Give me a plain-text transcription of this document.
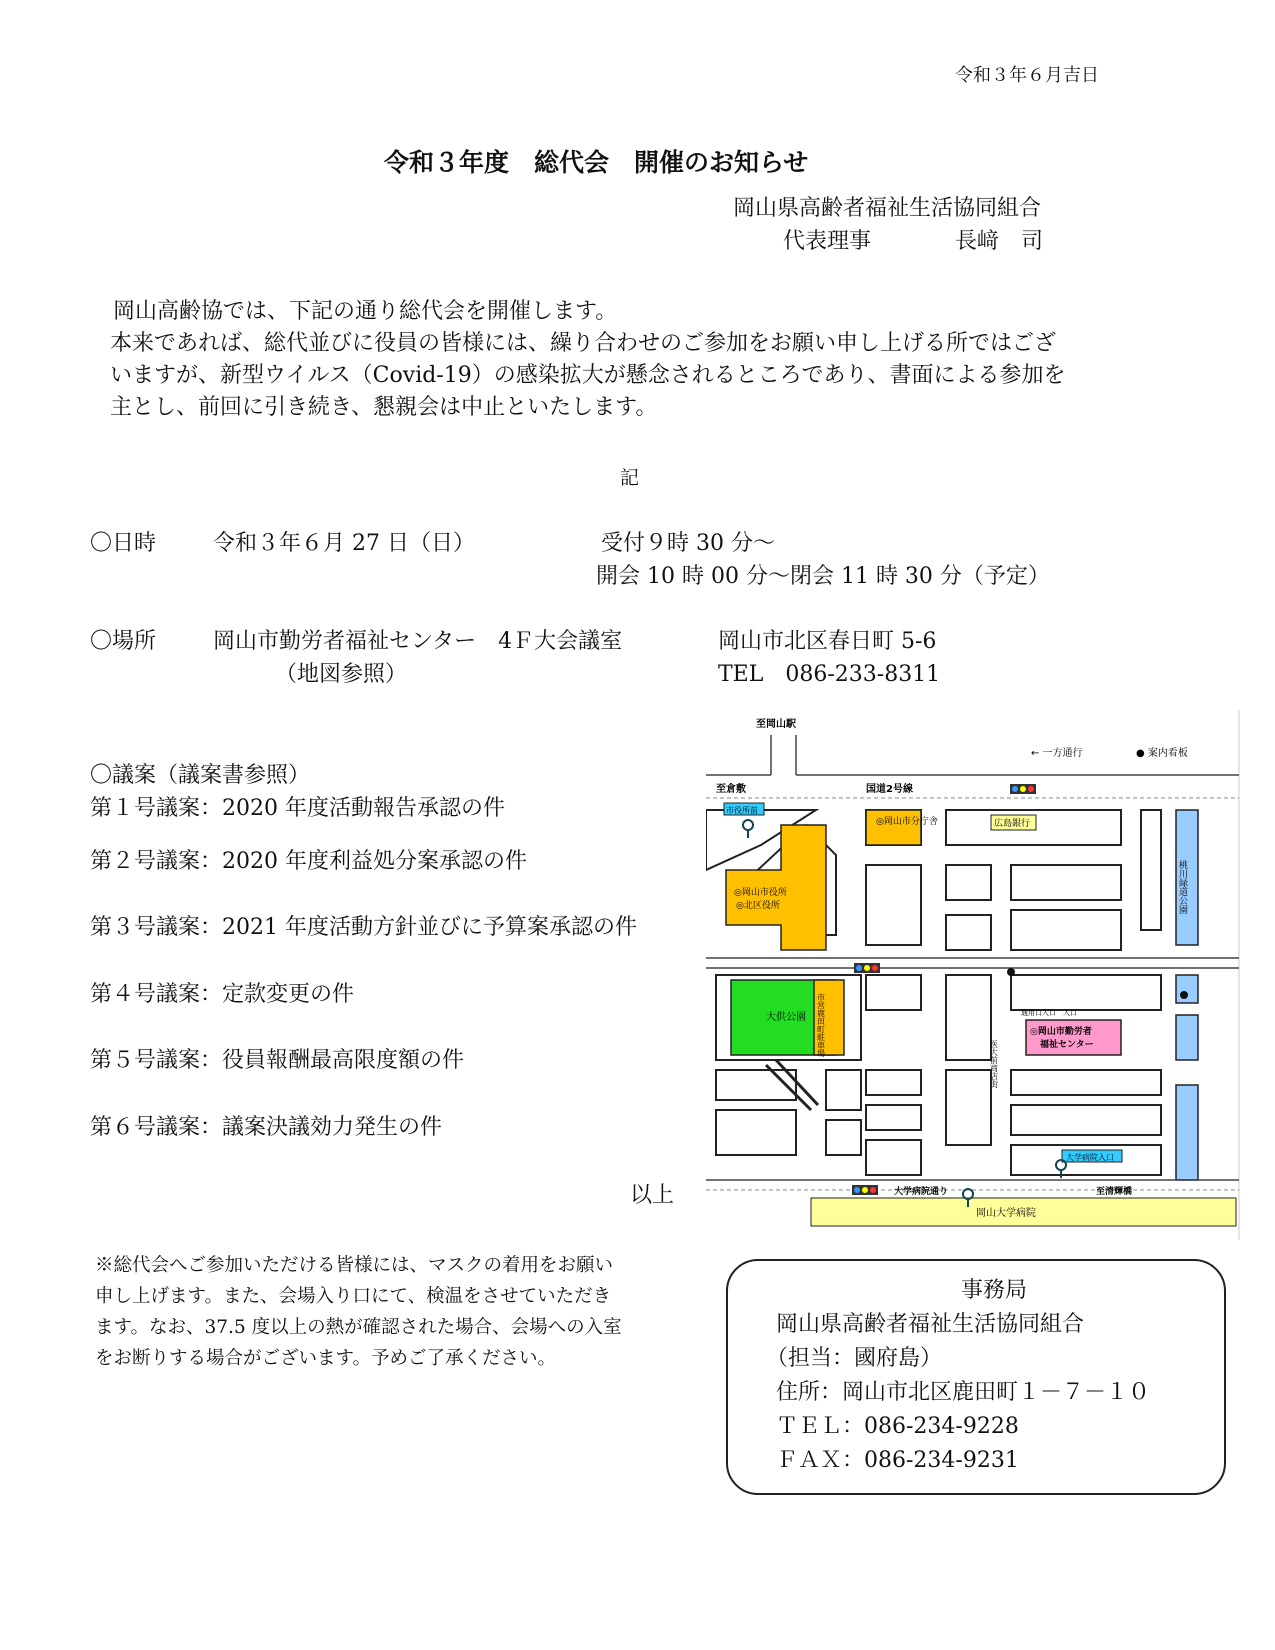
令和３年６月吉日
令和３年度　総代会　開催のお知らせ
岡山県高齢者福祉生活協同組合
代表理事	長﨑　司
岡山高齢協では、下記の通り総代会を開催します。
本来であれば、総代並びに役員の皆様には、繰り合わせのご参加をお願い申し上げる所ではござ
いますが、新型ウイルス（Covid-19）の感染拡大が懸念されるところであり、書面による参加を
主とし、前回に引き続き、懇親会は中止といたします。
記
〇日時	令和３年６月 27 日（日）	受付９時 30 分～
開会 10 時 00 分～閉会 11 時 30 分（予定）
〇場所	岡山市勤労者福祉センター　4Ｆ大会議室
（地図参照）
岡山市北区春日町 5-6
TEL　086-233-8311
〇議案（議案書参照）
第１号議案：2020 年度活動報告承認の件
第２号議案：2020 年度利益処分案承認の件
第３号議案：2021 年度活動方針並びに予算案承認の件
第４号議案：定款変更の件
第５号議案：役員報酬最高限度額の件
第６号議案：議案決議効力発生の件
以上
※総代会へご参加いただける皆様には、マスクの着用をお願い
申し上げます。また、会場入り口にて、検温をさせていただき
ます。なお、37.5 度以上の熱が確認された場合、会場への入室
をお断りする場合がございます。予めご了承ください。
事務局
岡山県高齢者福祉生活協同組合
（担当：國府島）
住所：岡山市北区鹿田町１－７－１０
ＴＥＬ：086-234-9228
ＦＡＸ：086-234-9231
至岡山駅
← 一方通行	● 案内看板
至倉敷	国道2号線
◎岡山市分庁舎	広島銀行
◎岡山市役所
◎北区役所
市役所前
桃川緑道公園
大供公園 市営鹿田町駐車場	◎岡山市勤労者
福祉センター
通用口入口　入口
医大前商店街
大学病院入口
大学病院通り	至清輝橋
岡山大学病院
